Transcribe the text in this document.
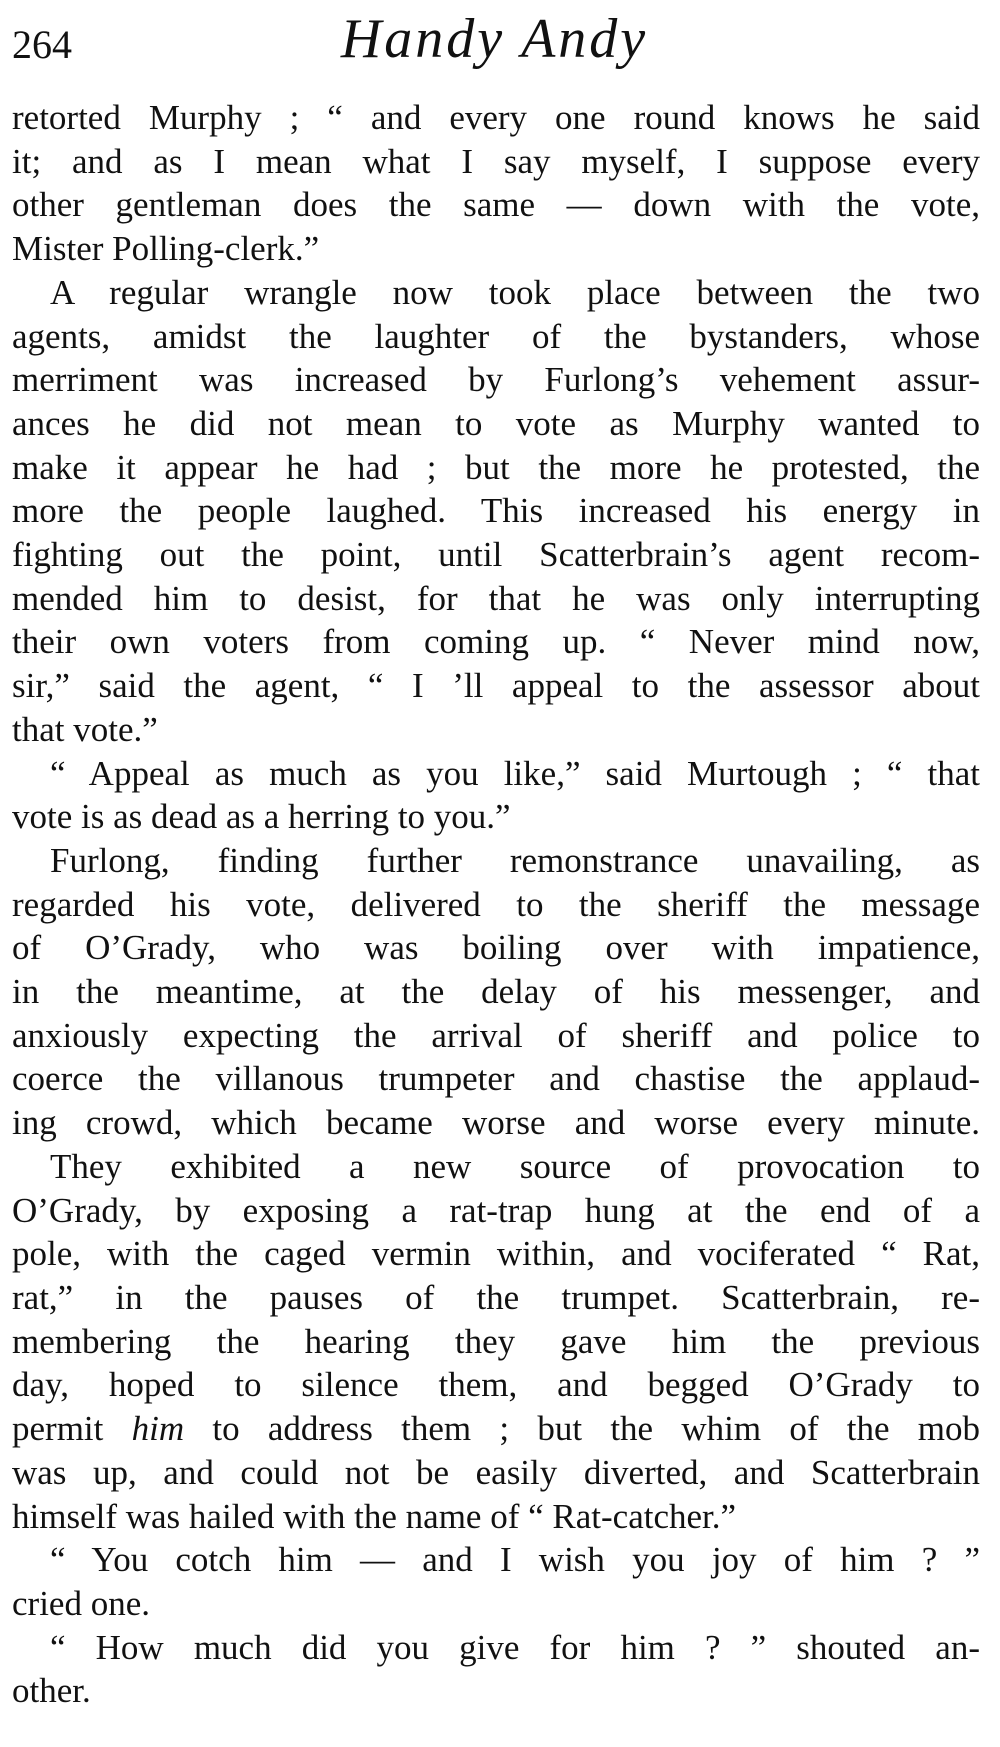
264	Handy Andy

retorted Murphy ; “ and every one round knows he said
it; and as I mean what I say myself, I suppose every
other gentleman does the same — down with the vote,
Mister Polling-clerk.”

A regular wrangle now took place between the two
agents, amidst the laughter of the bystanders, whose
merriment was increased by Furlong’s vehement assur-
ances he did not mean to vote as Murphy wanted to
make it appear he had ; but the more he protested, the
more the people laughed. This increased his energy in
fighting out the point, until Scatterbrain’s agent recom-
mended him to desist, for that he was only interrupting
their own voters from coming up. “ Never mind now,
sir,” said the agent, “ I ’ll appeal to the assessor about
that vote.”

“ Appeal as much as you like,” said Murtough ; “ that
vote is as dead as a herring to you.”

Furlong, finding further remonstrance unavailing, as
regarded his vote, delivered to the sheriff the message
of O’Grady, who was boiling over with impatience,
in the meantime, at the delay of his messenger, and
anxiously expecting the arrival of sheriff and police to
coerce the villanous trumpeter and chastise the applaud-
ing crowd, which became worse and worse every minute.

They exhibited a new source of provocation to
O’Grady, by exposing a rat-trap hung at the end of a
pole, with the caged vermin within, and vociferated “ Rat,
rat,” in the pauses of the trumpet. Scatterbrain, re-
membering the hearing they gave him the previous
day, hoped to silence them, and begged O’Grady to
permit him to address them ; but the whim of the mob
was up, and could not be easily diverted, and Scatterbrain
himself was hailed with the name of “ Rat-catcher.”

“ You cotch him — and I wish you joy of him ? ”
cried one.

“ How much did you give for him ? ” shouted an-
other.
